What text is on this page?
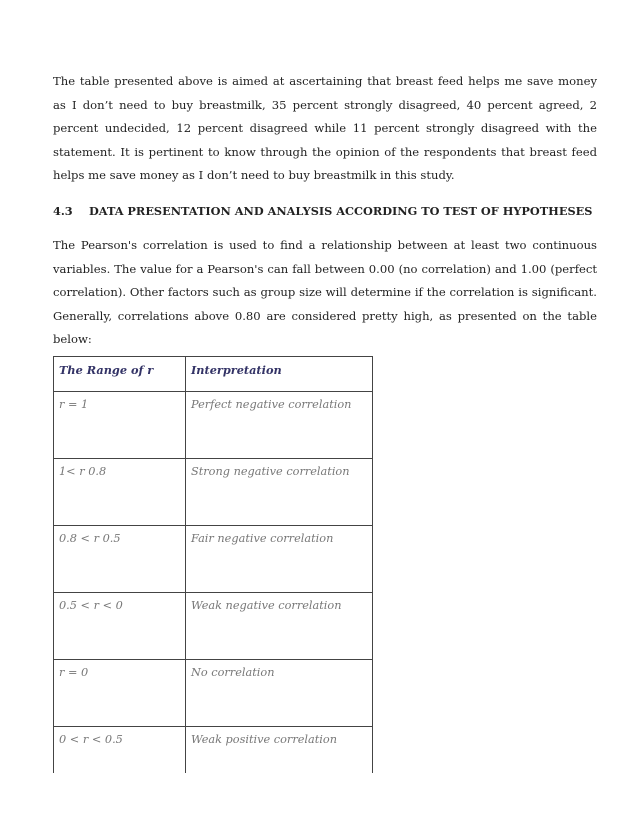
The table presented above is aimed at ascertaining that breast feed helps me save money as I don’t need to buy breastmilk, 35 percent strongly disagreed, 40 percent agreed, 2 percent undecided, 12 percent disagreed while 11 percent strongly disagreed with the statement. It is pertinent to know through the opinion of the respondents that breast feed helps me save money as I don’t need to buy breastmilk in this study.

4.3 DATA PRESENTATION AND ANALYSIS ACCORDING TO TEST OF HYPOTHESES

The Pearson's correlation is used to find a relationship between at least two continuous variables. The value for a Pearson's can fall between 0.00 (no correlation) and 1.00 (perfect correlation). Other factors such as group size will determine if the correlation is significant. Generally, correlations above 0.80 are considered pretty high, as presented on the table below:

The Range of r	Interpretation
r = 1	Perfect negative correlation
1< r 0.8	Strong negative correlation
0.8 < r 0.5	Fair negative correlation
0.5 < r < 0	Weak negative correlation
r = 0	No correlation
0 < r < 0.5	Weak positive correlation
